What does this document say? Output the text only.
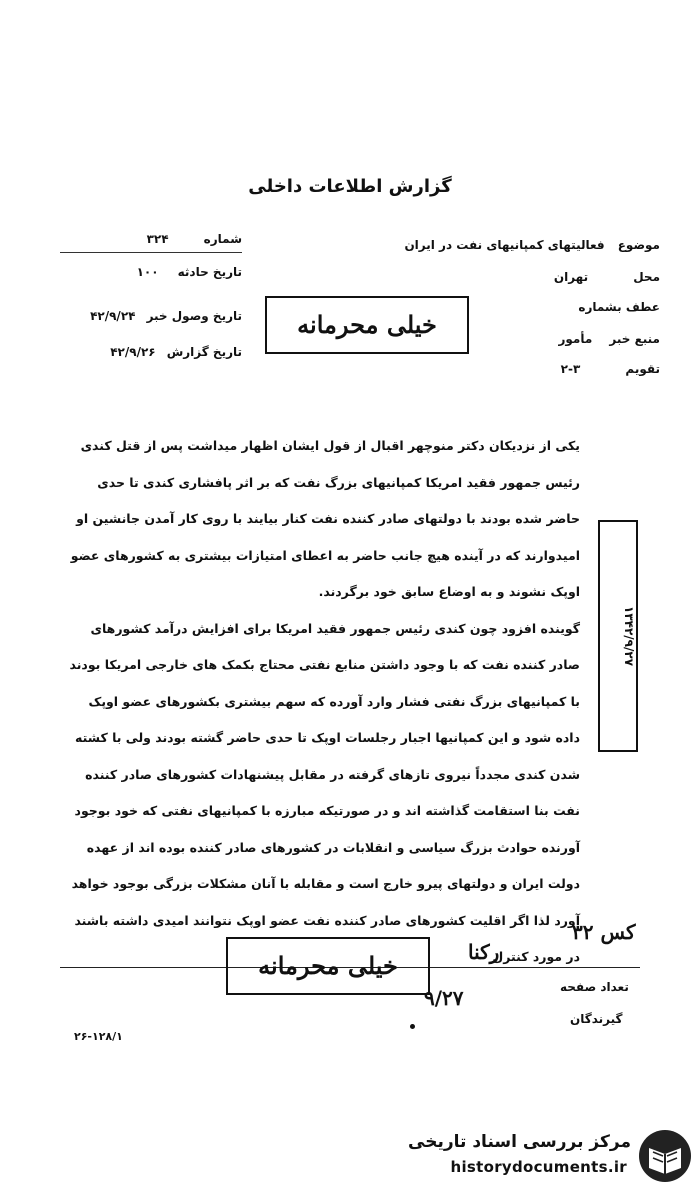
گزارش اطلاعات داخلی
موضوع فعالیتهای کمپانیهای نفت در ایران
محل تهران
عطف بشماره
منبع خبر مأمور
تقویم ۳-۲
شماره ۳۲۴
تاریخ حادثه ۱۰۰
تاریخ وصول خبر ۴۲/۹/۲۴
تاریخ گزارش ۴۲/۹/۲۶
خیلی محرمانه

یکی از نزدیکان دکتر منوچهر اقبال از قول ایشان اظهار میداشت پس از قتل کندی رئیس جمهور فقید امریکا کمپانیهای بزرگ نفت که بر اثر پافشاری کندی تا حدی حاضر شده بودند با دولتهای صادر کننده نفت کنار بیایند با روی کار آمدن جانشین او امیدوارند که در آینده هیچ جانب حاضر به اعطای امتیازات بیشتری به کشورهای عضو اوپک نشوند و به اوضاع سابق خود برگردند.

گوینده افزود چون کندی رئیس جمهور فقید امریکا برای افزایش درآمد کشورهای صادر کننده نفت که با وجود داشتن منابع نفتی محتاج بکمک های خارجی امریکا بودند با کمپانیهای بزرگ نفتی فشار وارد آورده که سهم بیشتری بکشورهای عضو اوپک داده شود و این کمپانیها اجبار رجلسات اوپک تا حدی حاضر گشته بودند ولی با کشته شدن کندی مجدداً نیروی تازهای گرفته در مقابل پیشنهادات کشورهای صادر کننده نفت بنا استقامت گذاشته اند و در صورتیکه مبارزه با کمپانیهای نفتی که خود بوجود آورنده حوادث بزرگ سیاسی و انقلابات در کشورهای صادر کننده بوده اند از عهده دولت ایران و دولتهای پیرو خارج است و مقابله با آنان مشکلات بزرگی بوجود خواهد آورد لذا اگر اقلیت کشورهای صادر کننده نفت عضو اوپک نتوانند امیدی داشته باشند در مورد کنترل

۱۳۴۲/۹/۲۷
خیلی محرمانه
کس ۳۲
رکنا
۹/۲۷	تعداد صفحه
گیرندگان
۲۶-۱۲۸/۱
مرکز بررسی اسناد تاریخی
historydocuments.ir
